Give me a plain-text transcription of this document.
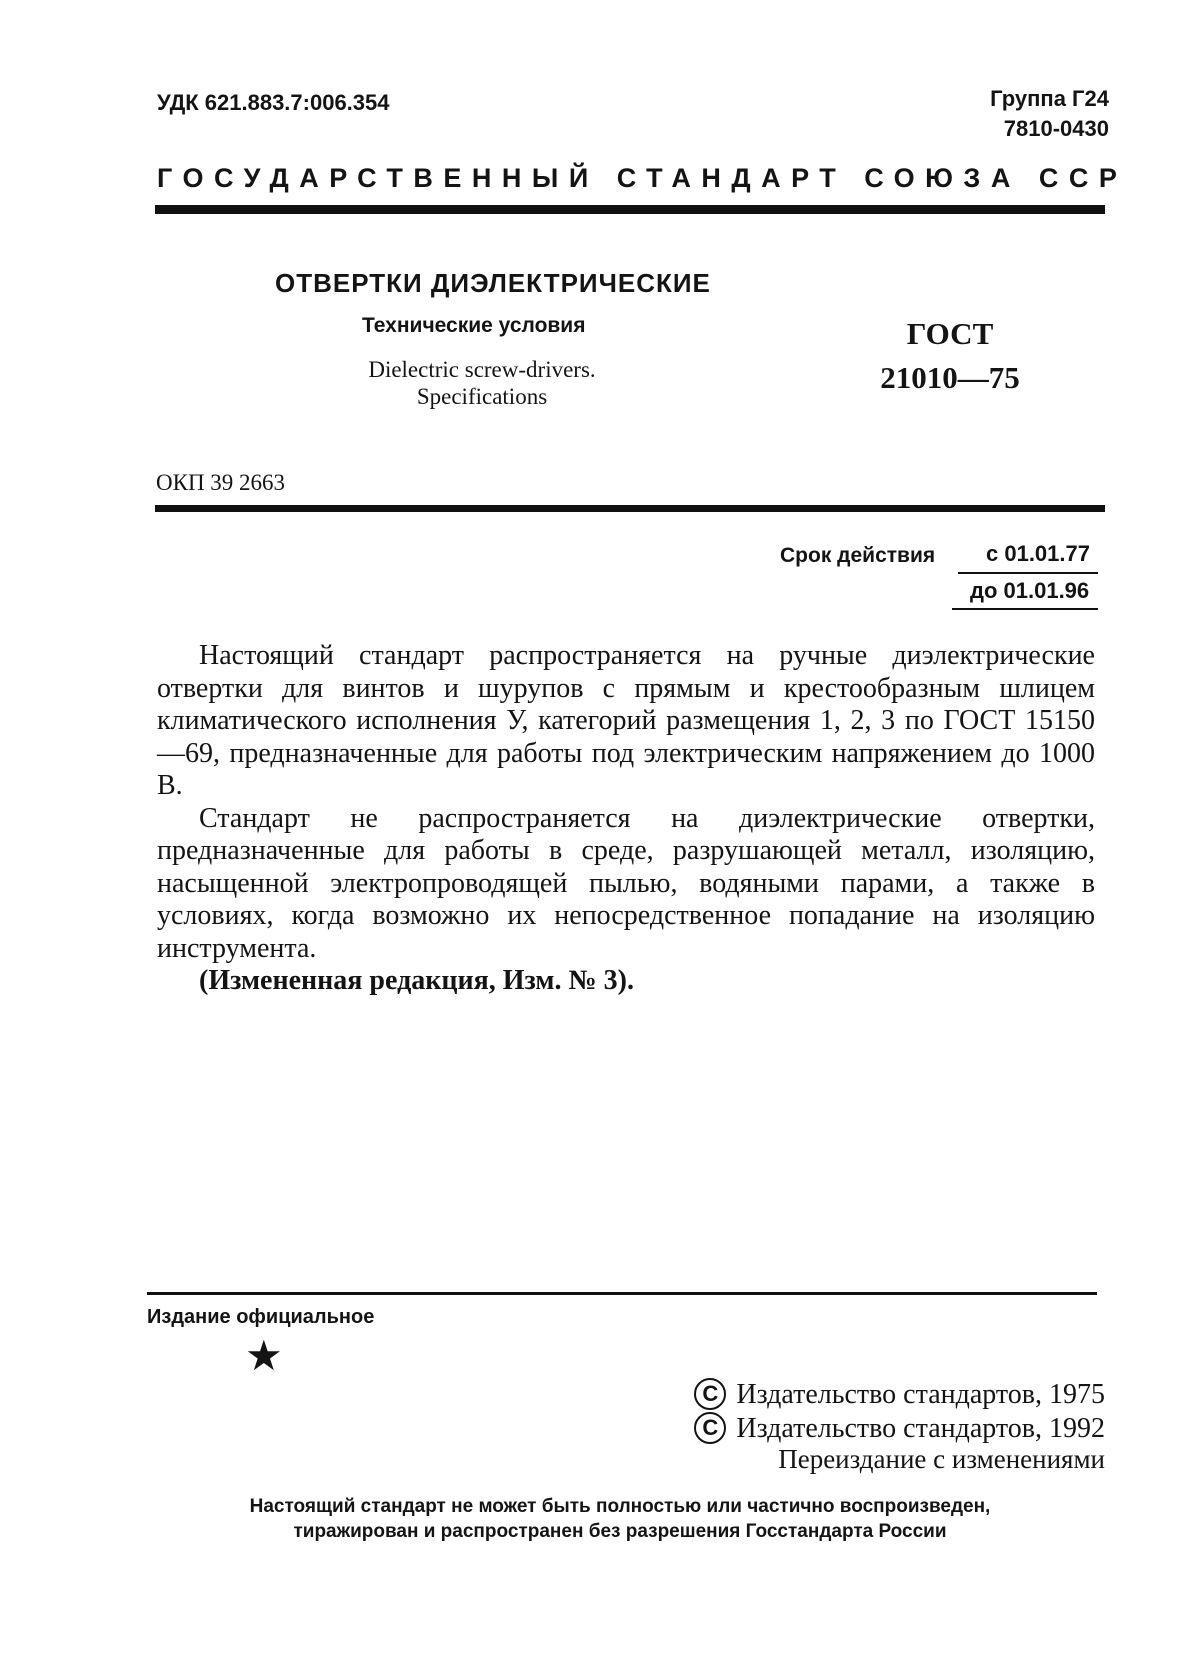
УДК 621.883.7:006.354	Группа Г24
7810-0430
ГОСУДАРСТВЕННЫЙ СТАНДАРТ СОЮЗА ССР
ОТВЕРТКИ ДИЭЛЕКТРИЧЕСКИЕ
Технические условия
Dielectric screw-drivers.
Specifications
ГОСТ
21010—75
ОКП 39 2663
Срок действия с 01.01.77
до 01.01.96

Настоящий стандарт распространяется на ручные диэлектрические отвертки для винтов и шурупов с прямым и крестообразным шлицем климатического исполнения У, категорий размещения 1, 2, 3 по ГОСТ 15150—69, предназначенные для работы под электрическим напряжением до 1000 В.

Стандарт не распространяется на диэлектрические отвертки, предназначенные для работы в среде, разрушающей металл, изоляцию, насыщенной электропроводящей пылью, водяными парами, а также в условиях, когда возможно их непосредственное попадание на изоляцию инструмента.

(Измененная редакция, Изм. № 3).

Издание официальное
★
C Издательство стандартов, 1975
C Издательство стандартов, 1992
Переиздание с изменениями
Настоящий стандарт не может быть полностью или частично воспроизведен,
тиражирован и распространен без разрешения Госстандарта России
